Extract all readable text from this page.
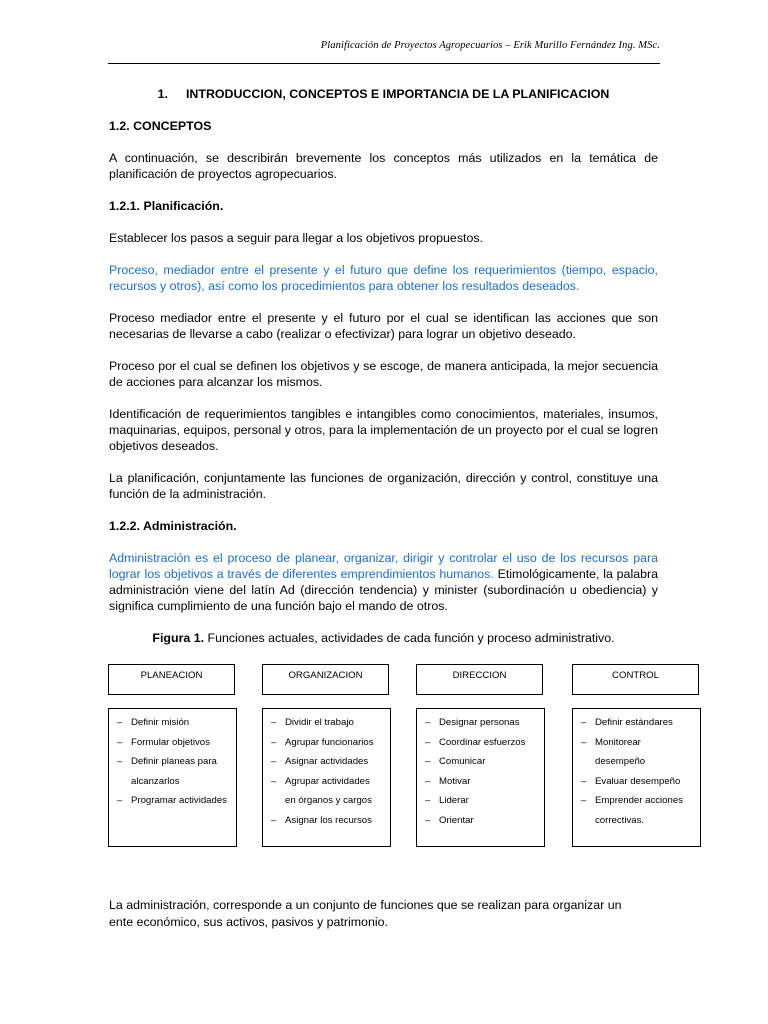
Planificación de Proyectos Agropecuarios – Erik Murillo Fernández Ing. MSc.
1. INTRODUCCION, CONCEPTOS E IMPORTANCIA DE LA PLANIFICACION
1.2. CONCEPTOS

A continuación, se describirán brevemente los conceptos más utilizados en la temática de planificación de proyectos agropecuarios.

1.2.1. Planificación.

Establecer los pasos a seguir para llegar a los objetivos propuestos.

Proceso, mediador entre el presente y el futuro que define los requerimientos (tiempo, espacio, recursos y otros), así como los procedimientos para obtener los resultados deseados.

Proceso mediador entre el presente y el futuro por el cual se identifican las acciones que son necesarias de llevarse a cabo (realizar o efectivizar) para lograr un objetivo deseado.

Proceso por el cual se definen los objetivos y se escoge, de manera anticipada, la mejor secuencia de acciones para alcanzar los mismos.

Identificación de requerimientos tangibles e intangibles como conocimientos, materiales, insumos, maquinarias, equipos, personal y otros, para la implementación de un proyecto por el cual se logren objetivos deseados.

La planificación, conjuntamente las funciones de organización, dirección y control, constituye una función de la administración.

1.2.2. Administración.

Administración es el proceso de planear, organizar, dirigir y controlar el uso de los recursos para lograr los objetivos a través de diferentes emprendimientos humanos. Etimológicamente, la palabra administración viene del latín Ad (dirección tendencia) y minister (subordinación u obediencia) y significa cumplimiento de una función bajo el mando de otros.

Figura 1. Funciones actuales, actividades de cada función y proceso administrativo.
PLANEACION
– Definir misión
– Formular objetivos
– Definir planeas para
alcanzarlos
– Programar actividades
ORGANIZACION
– Dividir el trabajo
– Agrupar funcionarios
– Asignar actividades
– Agrupar actividades
en órganos y cargos
– Asignar los recursos
DIRECCION
– Designar personas
– Coordinar esfuerzos
– Comunicar
– Motivar
– Liderar
– Orientar
CONTROL
– Definir estándares
– Monitorear
desempeño
– Evaluar desempeño
– Emprender acciones
correctivas.
La administración, corresponde a un conjunto de funciones que se realizan para organizar un ente económico, sus activos, pasivos y patrimonio.
